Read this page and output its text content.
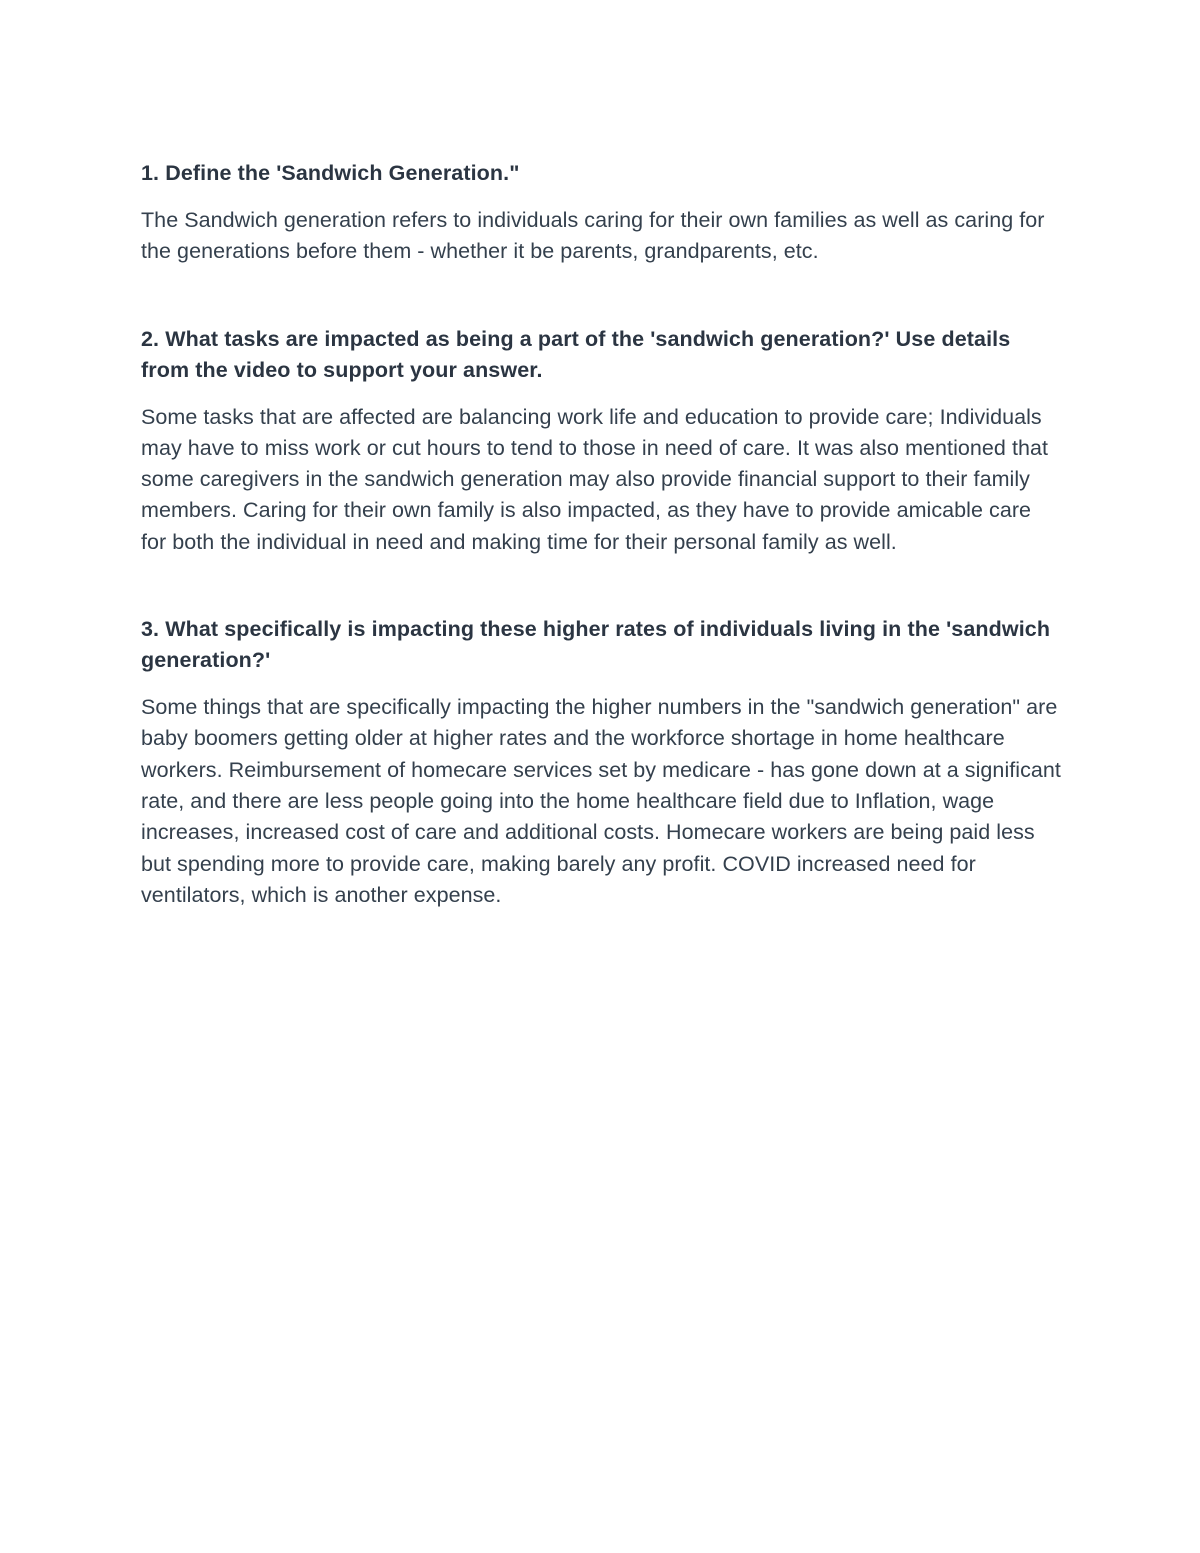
1. Define the 'Sandwich Generation."

The Sandwich generation refers to individuals caring for their own families as well as caring for the generations before them - whether it be parents, grandparents, etc.

2. What tasks are impacted as being a part of the 'sandwich generation?' Use details from the video to support your answer.

Some tasks that are affected are balancing work life and education to provide care; Individuals may have to miss work or cut hours to tend to those in need of care. It was also mentioned that some caregivers in the sandwich generation may also provide financial support to their family members. Caring for their own family is also impacted, as they have to provide amicable care for both the individual in need and making time for their personal family as well.

3. What specifically is impacting these higher rates of individuals living in the 'sandwich generation?'

Some things that are specifically impacting the higher numbers in the "sandwich generation" are baby boomers getting older at higher rates and the workforce shortage in home healthcare workers. Reimbursement of homecare services set by medicare - has gone down at a significant rate, and there are less people going into the home healthcare field due to Inflation, wage increases, increased cost of care and additional costs. Homecare workers are being paid less but spending more to provide care, making barely any profit. COVID increased need for ventilators, which is another expense.
